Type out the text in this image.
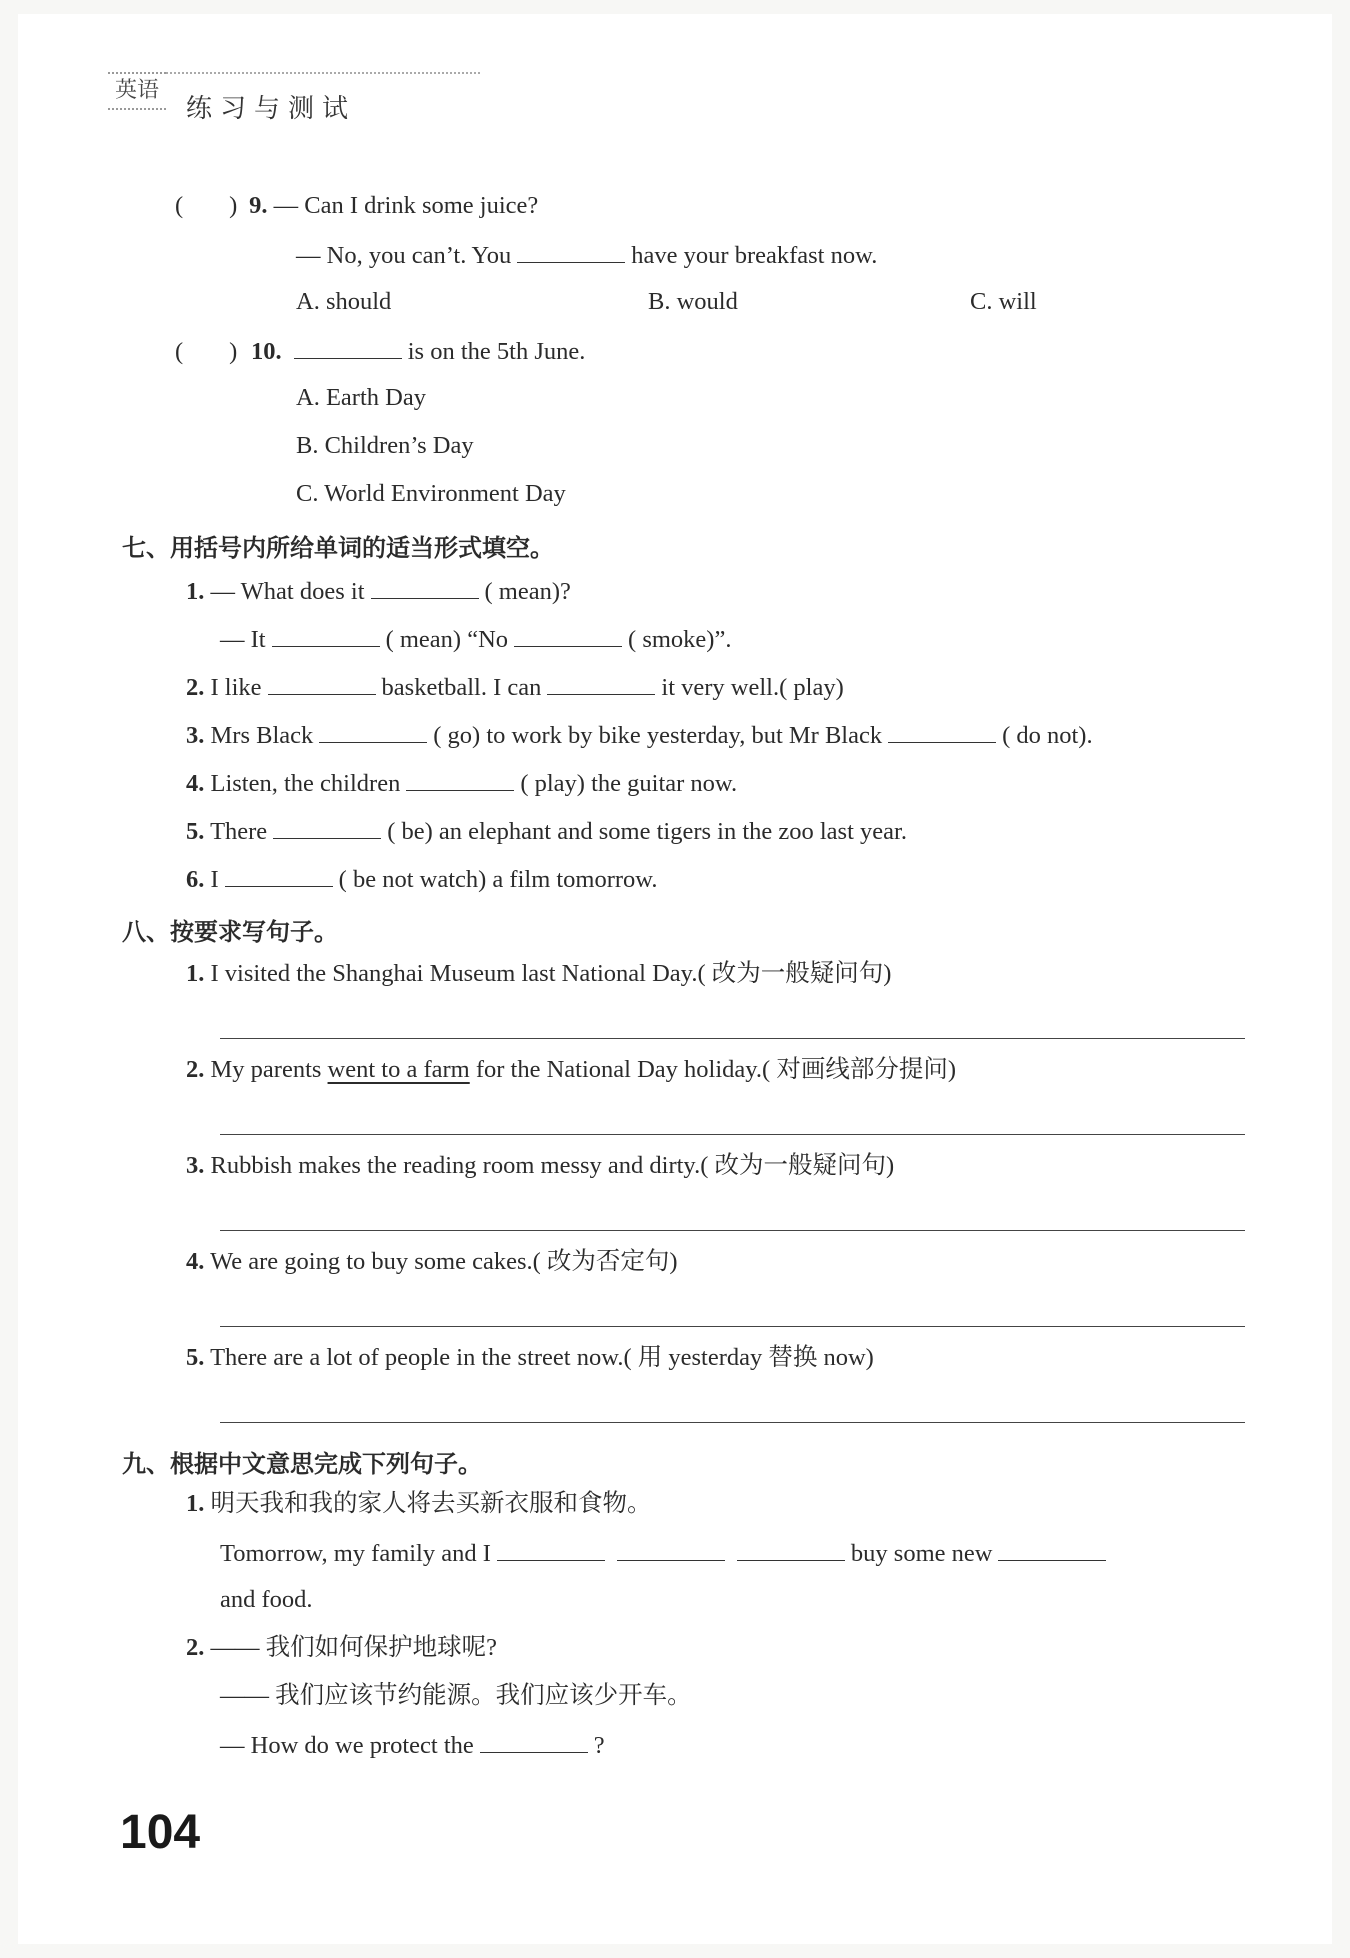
英语
练习与测试
( ) 9. — Can I drink some juice?
— No, you can’t. You	have your breakfast now.
A. should	B. would	C. will
( ) 10.	is on the 5th June.
A. Earth Day
B. Children’s Day
C. World Environment Day
七、用括号内所给单词的适当形式填空。
1. — What does it	( mean)?
— It	( mean) “No	( smoke)”.
2. I like	basketball. I can	it very well.( play)
3. Mrs Black	( go) to work by bike yesterday, but Mr Black	( do not).
4. Listen, the children	( play) the guitar now.
5. There	( be) an elephant and some tigers in the zoo last year.
6. I	( be not watch) a film tomorrow.
八、按要求写句子。
1. I visited the Shanghai Museum last National Day.( 改为一般疑问句)
2. My parents went to a farm for the National Day holiday.( 对画线部分提问)
3. Rubbish makes the reading room messy and dirty.( 改为一般疑问句)
4. We are going to buy some cakes.( 改为否定句)
5. There are a lot of people in the street now.( 用 yesterday 替换 now)
九、根据中文意思完成下列句子。
1. 明天我和我的家人将去买新衣服和食物。
Tomorrow, my family and I	buy some new
and food.
2. —— 我们如何保护地球呢?
—— 我们应该节约能源。我们应该少开车。
— How do we protect the	?
104
